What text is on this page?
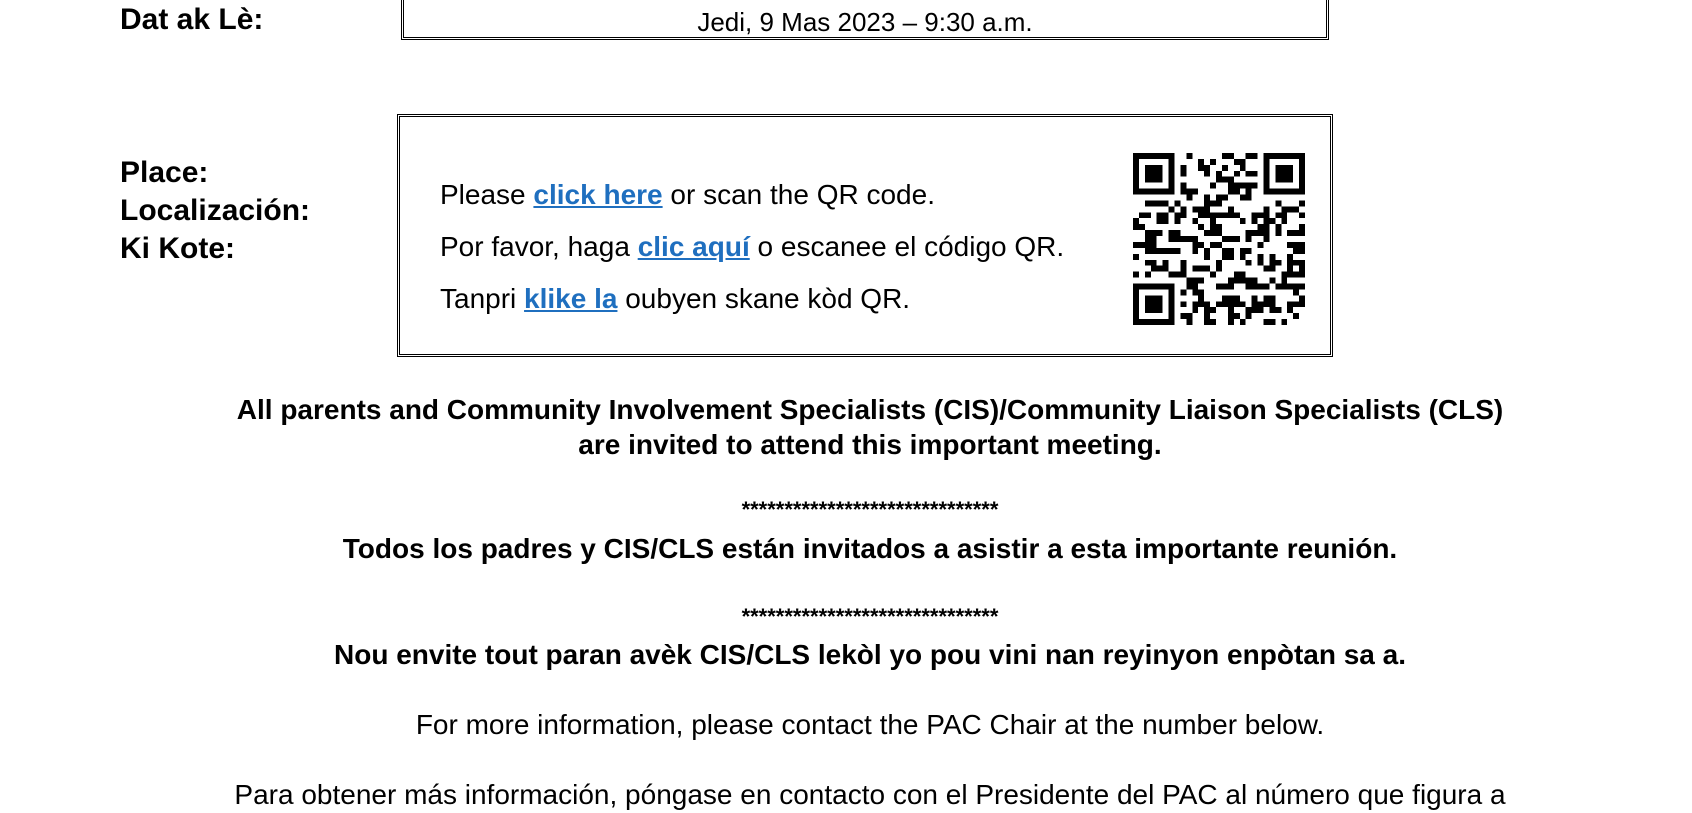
Dat ak Lè:	Jedi, 9 Mas 2023 – 9:30 a.m.
Place:
Localización:
Ki Kote:
Please click here or scan the QR code.
Por favor, haga clic aquí o escanee el código QR.
Tanpri klike la oubyen skane kòd QR.
All parents and Community Involvement Specialists (CIS)/Community Liaison Specialists (CLS)
are invited to attend this important meeting.
******************************
Todos los padres y CIS/CLS están invitados a asistir a esta importante reunión.
******************************
Nou envite tout paran avèk CIS/CLS lekòl yo pou vini nan reyinyon enpòtan sa a.
For more information, please contact the PAC Chair at the number below.
Para obtener más información, póngase en contacto con el Presidente del PAC al número que figura a
